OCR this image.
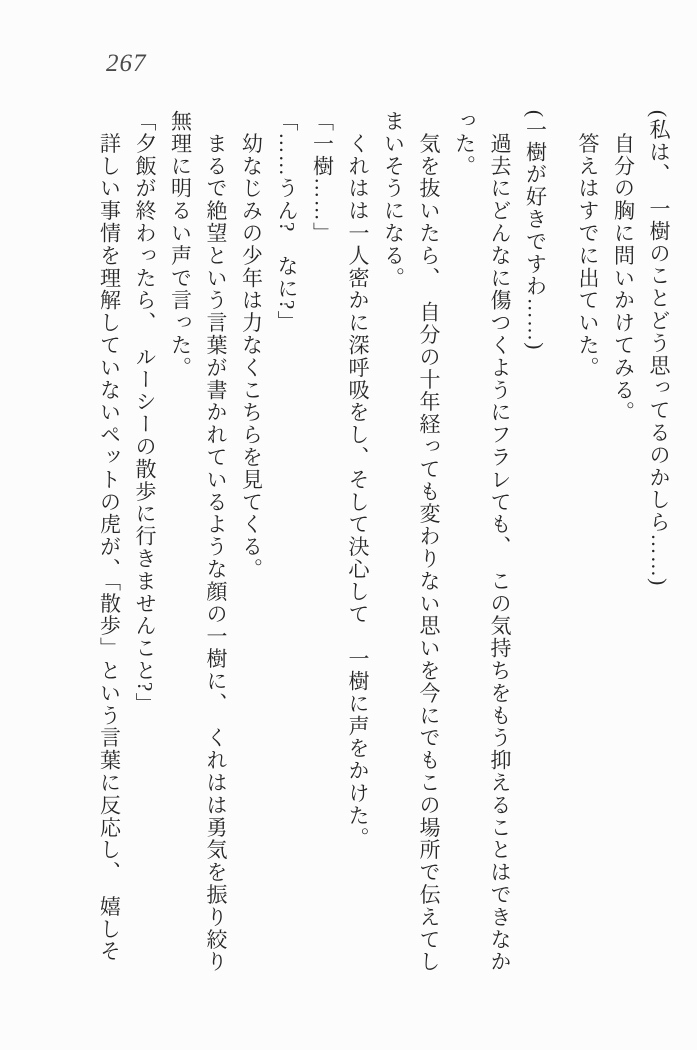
267
(私は、　一樹のことどう思ってるのかしら……)
　自分の胸に問いかけてみる。
　答えはすでに出ていた。
(一樹が好きですわ……)
　過去にどんなに傷つくようにフラレても、　この気持ちをもう抑えることはできなか
った。
　気を抜いたら、　自分の十年経っても変わりない思いを今にでもこの場所で伝えてし
まいそうになる。
　くれはは一人密かに深呼吸をし、そして決心して　一樹に声をかけた。
「一樹……」
「……うん?　なに?」
　幼なじみの少年は力なくこちらを見てくる。
　まるで絶望という言葉が書かれているような顔の一樹に、　くれはは勇気を振り絞り
無理に明るい声で言った。
「夕飯が終わったら、　ルーシーの散歩に行きませんこと?」
　詳しい事情を理解していないペットの虎が、「散歩」という言葉に反応し、　嬉しそ
